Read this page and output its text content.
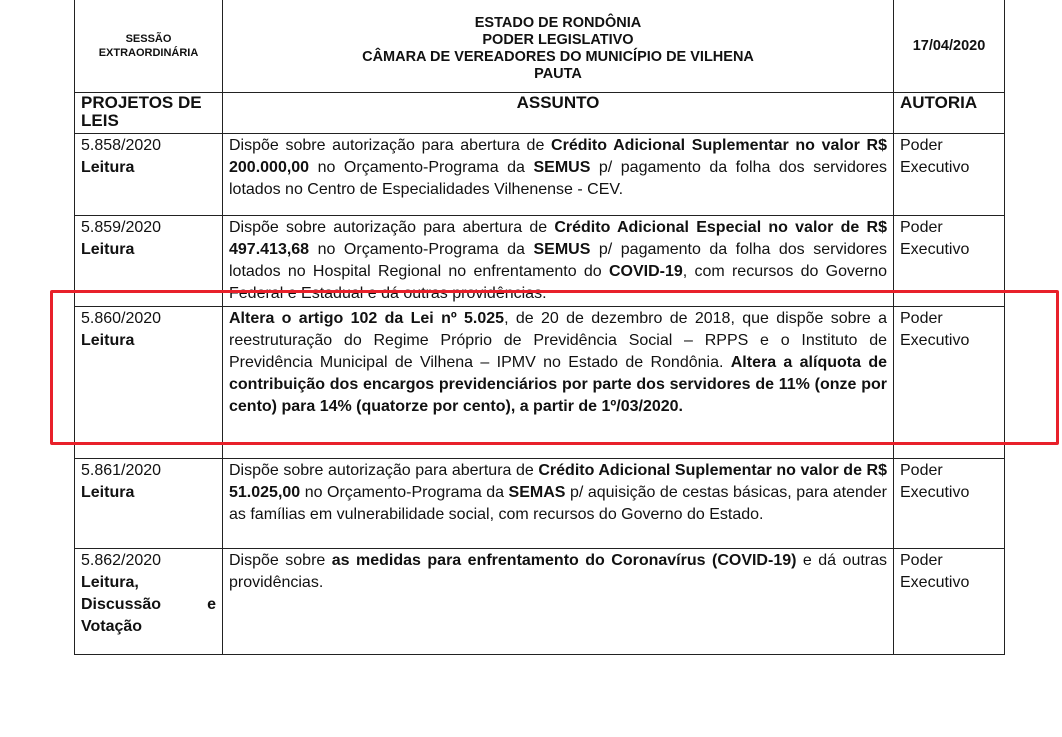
SESSÃO EXTRAORDINÁRIA	ESTADO DE RONDÔNIA
PODER LEGISLATIVO
CÂMARA DE VEREADORES DO MUNICÍPIO DE VILHENA
PAUTA	17/04/2020

PROJETOS DE
LEIS	ASSUNTO	AUTORIA

5.858/2020
Leitura	Dispõe sobre autorização para abertura de Crédito Adicional Suplementar no valor R$ 200.000,00 no Orçamento-Programa da SEMUS p/ pagamento da folha dos servidores lotados no Centro de Especialidades Vilhenense - CEV.	Poder Executivo

5.859/2020
Leitura	Dispõe sobre autorização para abertura de Crédito Adicional Especial no valor de R$ 497.413,68 no Orçamento-Programa da SEMUS p/ pagamento da folha dos servidores lotados no Hospital Regional no enfrentamento do COVID-19, com recursos do Governo Federal e Estadual e dá outras providências.	Poder Executivo

5.860/2020
Leitura	Altera o artigo 102 da Lei nº 5.025, de 20 de dezembro de 2018, que dispõe sobre a reestruturação do Regime Próprio de Previdência Social – RPPS e o Instituto de Previdência Municipal de Vilhena – IPMV no Estado de Rondônia. Altera a alíquota de contribuição dos encargos previdenciários por parte dos servidores de 11% (onze por cento) para 14% (quatorze por cento), a partir de 1º/03/2020.	Poder Executivo

5.861/2020
Leitura	Dispõe sobre autorização para abertura de Crédito Adicional Suplementar no valor de R$ 51.025,00 no Orçamento-Programa da SEMAS p/ aquisição de cestas básicas, para atender as famílias em vulnerabilidade social, com recursos do Governo do Estado.	Poder Executivo

5.862/2020
Leitura,
Discussão e
Votação	Dispõe sobre as medidas para enfrentamento do Coronavírus (COVID-19) e dá outras providências.	Poder Executivo
